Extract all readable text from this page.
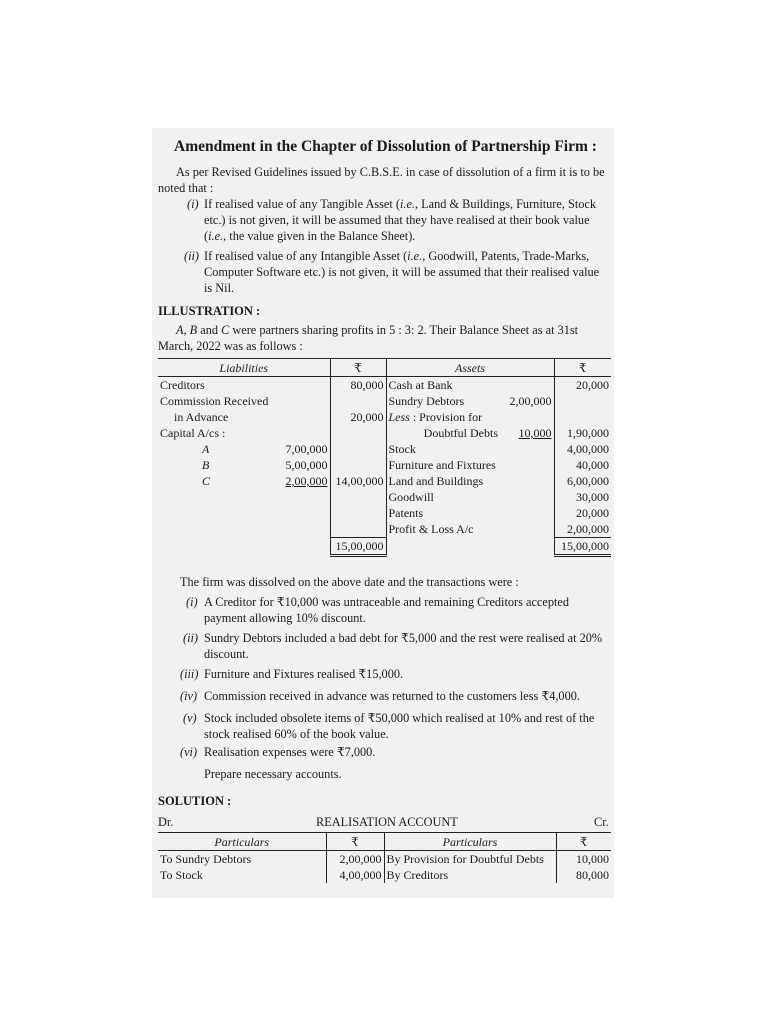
Amendment in the Chapter of Dissolution of Partnership Firm :
As per Revised Guidelines issued by C.B.S.E. in case of dissolution of a firm it is to be
noted that :
(i) If realised value of any Tangible Asset (i.e., Land & Buildings, Furniture, Stock
etc.) is not given, it will be assumed that they have realised at their book value
(i.e., the value given in the Balance Sheet).
(ii) If realised value of any Intangible Asset (i.e., Goodwill, Patents, Trade-Marks,
Computer Software etc.) is not given, it will be assumed that their realised value
is Nil.
ILLUSTRATION :
A, B and C were partners sharing profits in 5 : 3: 2. Their Balance Sheet as at 31st
March, 2022 was as follows :
Liabilities		₹	Assets		₹
Creditors		80,000	Cash at Bank		20,000
Commission Received			Sundry Debtors	2,00,000	
in Advance		20,000	Less : Provision for		
Capital A/cs :			Doubtful Debts	10,000	1,90,000
A	7,00,000		Stock		4,00,000
B	5,00,000		Furniture and Fixtures		40,000
C	2,00,000	14,00,000	Land and Buildings		6,00,000
			Goodwill		30,000
			Patents		20,000
			Profit & Loss A/c		2,00,000
		15,00,000			15,00,000
The firm was dissolved on the above date and the transactions were :
(i) A Creditor for ₹10,000 was untraceable and remaining Creditors accepted
payment allowing 10% discount.
(ii) Sundry Debtors included a bad debt for ₹5,000 and the rest were realised at 20%
discount.
(iii) Furniture and Fixtures realised ₹15,000.
(iv) Commission received in advance was returned to the customers less ₹4,000.
(v) Stock included obsolete items of ₹50,000 which realised at 10% and rest of the
stock realised 60% of the book value.
(vi) Realisation expenses were ₹7,000.
Prepare necessary accounts.
SOLUTION :
Dr.	REALISATION ACCOUNT	Cr.
Particulars	₹	Particulars	₹
To Sundry Debtors	2,00,000	By Provision for Doubtful Debts	10,000
To Stock	4,00,000	By Creditors	80,000
